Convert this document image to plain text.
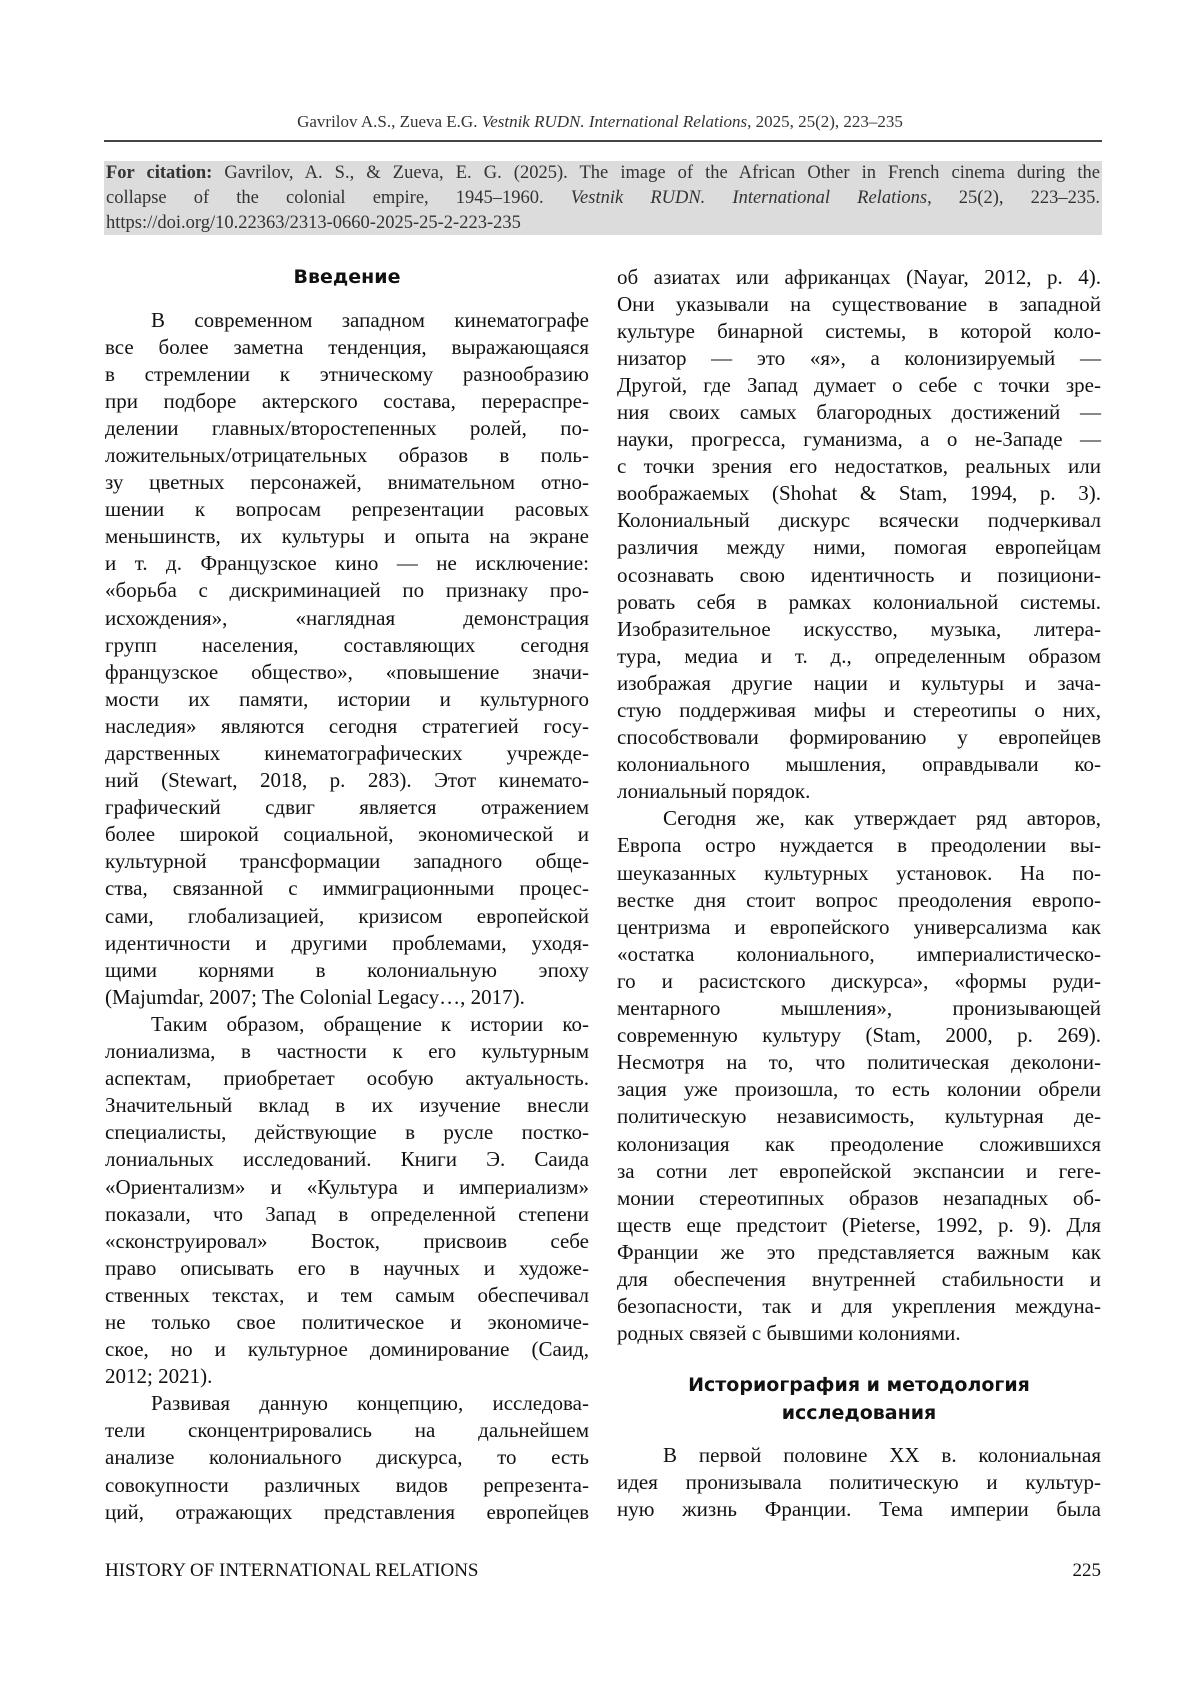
Gavrilov A.S., Zueva E.G. Vestnik RUDN. International Relations, 2025, 25(2), 223–235
For citation: Gavrilov, A. S., & Zueva, E. G. (2025). The image of the African Other in French cinema during the
collapse of the colonial empire, 1945–1960. Vestnik RUDN. International Relations, 25(2), 223–235.
https://doi.org/10.22363/2313-0660-2025-25-2-223-235
Введение
В современном западном кинематографе
все более заметна тенденция, выражающаяся
в стремлении к этническому разнообразию
при подборе актерского состава, перераспре-
делении главных/второстепенных ролей, по-
ложительных/отрицательных образов в поль-
зу цветных персонажей, внимательном отно-
шении к вопросам репрезентации расовых
меньшинств, их культуры и опыта на экране
и т. д. Французское кино — не исключение:
«борьба с дискриминацией по признаку про-
исхождения», «наглядная демонстрация
групп населения, составляющих сегодня
французское общество», «повышение значи-
мости их памяти, истории и культурного
наследия» являются сегодня стратегией госу-
дарственных кинематографических учрежде-
ний (Stewart, 2018, p. 283). Этот кинемато-
графический сдвиг является отражением
более широкой социальной, экономической и
культурной трансформации западного обще-
ства, связанной с иммиграционными процес-
сами, глобализацией, кризисом европейской
идентичности и другими проблемами, уходя-
щими корнями в колониальную эпоху
(Majumdar, 2007; The Colonial Legacy…, 2017).
Таким образом, обращение к истории ко-
лониализма, в частности к его культурным
аспектам, приобретает особую актуальность.
Значительный вклад в их изучение внесли
специалисты, действующие в русле постко-
лониальных исследований. Книги Э. Саида
«Ориентализм» и «Культура и империализм»
показали, что Запад в определенной степени
«сконструировал» Восток, присвоив себе
право описывать его в научных и художе-
ственных текстах, и тем самым обеспечивал
не только свое политическое и экономиче-
ское, но и культурное доминирование (Саид,
2012; 2021).
Развивая данную концепцию, исследова-
тели сконцентрировались на дальнейшем
анализе колониального дискурса, то есть
совокупности различных видов репрезента-
ций, отражающих представления европейцев
об азиатах или африканцах (Nayar, 2012, p. 4).
Они указывали на существование в западной
культуре бинарной системы, в которой коло-
низатор — это «я», а колонизируемый —
Другой, где Запад думает о себе с точки зре-
ния своих самых благородных достижений —
науки, прогресса, гуманизма, а о не-Западе —
с точки зрения его недостатков, реальных или
воображаемых (Shohat & Stam, 1994, p. 3).
Колониальный дискурс всячески подчеркивал
различия между ними, помогая европейцам
осознавать свою идентичность и позициони-
ровать себя в рамках колониальной системы.
Изобразительное искусство, музыка, литера-
тура, медиа и т. д., определенным образом
изображая другие нации и культуры и зача-
стую поддерживая мифы и стереотипы о них,
способствовали формированию у европейцев
колониального мышления, оправдывали ко-
лониальный порядок.
Сегодня же, как утверждает ряд авторов,
Европа остро нуждается в преодолении вы-
шеуказанных культурных установок. На по-
вестке дня стоит вопрос преодоления европо-
центризма и европейского универсализма как
«остатка колониального, империалистическо-
го и расистского дискурса», «формы руди-
ментарного мышления», пронизывающей
современную культуру (Stam, 2000, p. 269).
Несмотря на то, что политическая деколони-
зация уже произошла, то есть колонии обрели
политическую независимость, культурная де-
колонизация как преодоление сложившихся
за сотни лет европейской экспансии и геге-
монии стереотипных образов незападных об-
ществ еще предстоит (Pieterse, 1992, p. 9). Для
Франции же это представляется важным как
для обеспечения внутренней стабильности и
безопасности, так и для укрепления междуна-
родных связей с бывшими колониями.
Историография и методология
исследования
В первой половине XX в. колониальная
идея пронизывала политическую и культур-
ную жизнь Франции. Тема империи была
HISTORY OF INTERNATIONAL RELATIONS	225
